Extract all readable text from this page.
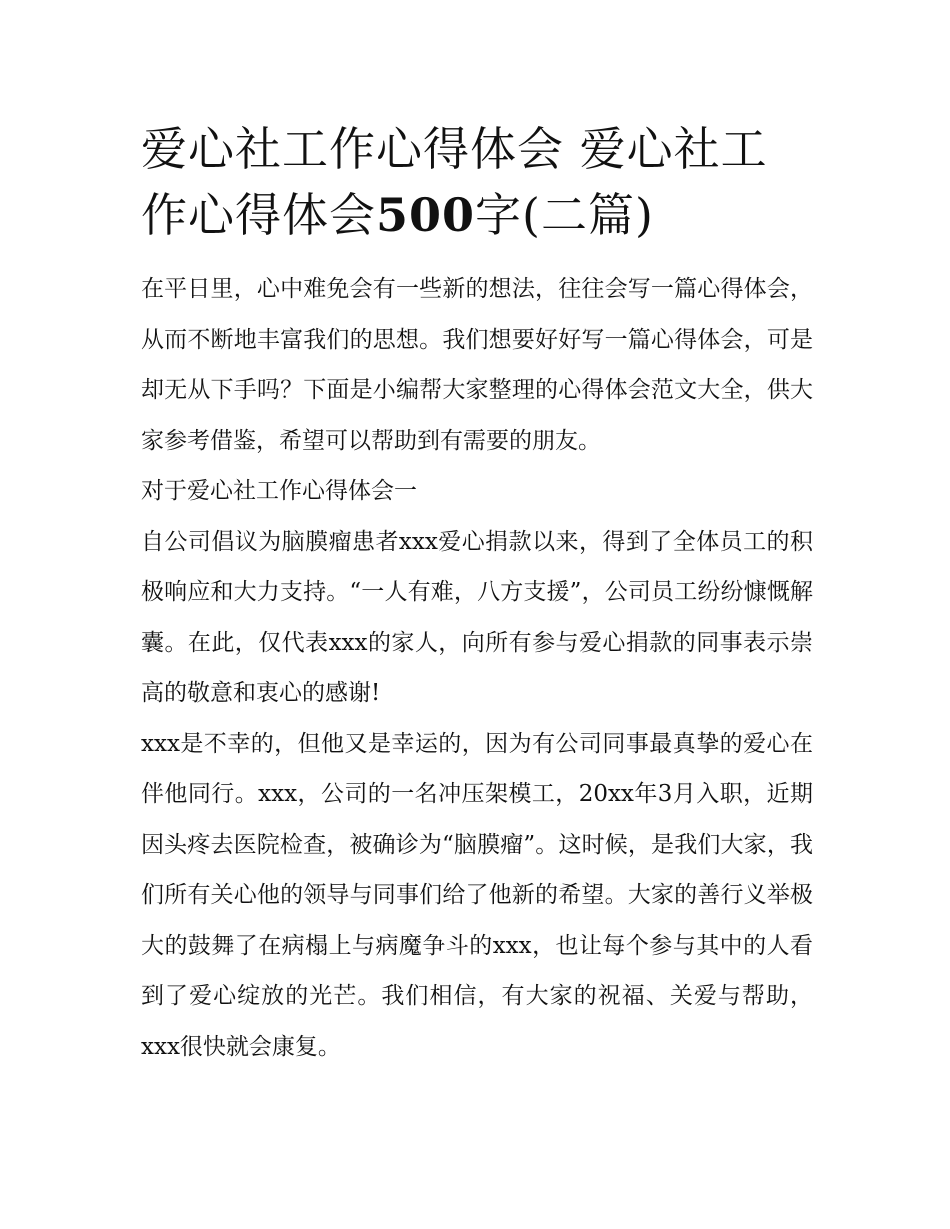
爱心社工作心得体会 爱心社工作心得体会500字(二篇)

在平日里，心中难免会有一些新的想法，往往会写一篇心得体会，从而不断地丰富我们的思想。我们想要好好写一篇心得体会，可是却无从下手吗？下面是小编帮大家整理的心得体会范文大全，供大家参考借鉴，希望可以帮助到有需要的朋友。

对于爱心社工作心得体会一

自公司倡议为脑膜瘤患者xxx爱心捐款以来，得到了全体员工的积极响应和大力支持。“一人有难，八方支援”，公司员工纷纷慷慨解囊。在此，仅代表xxx的家人，向所有参与爱心捐款的同事表示崇高的敬意和衷心的感谢!

xxx是不幸的，但他又是幸运的，因为有公司同事最真挚的爱心在伴他同行。xxx，公司的一名冲压架模工，20xx年3月入职，近期因头疼去医院检查，被确诊为“脑膜瘤”。这时候，是我们大家，我们所有关心他的领导与同事们给了他新的希望。大家的善行义举极大的鼓舞了在病榻上与病魔争斗的xxx，也让每个参与其中的人看到了爱心绽放的光芒。我们相信，有大家的祝福、关爱与帮助，xxx很快就会康复。
